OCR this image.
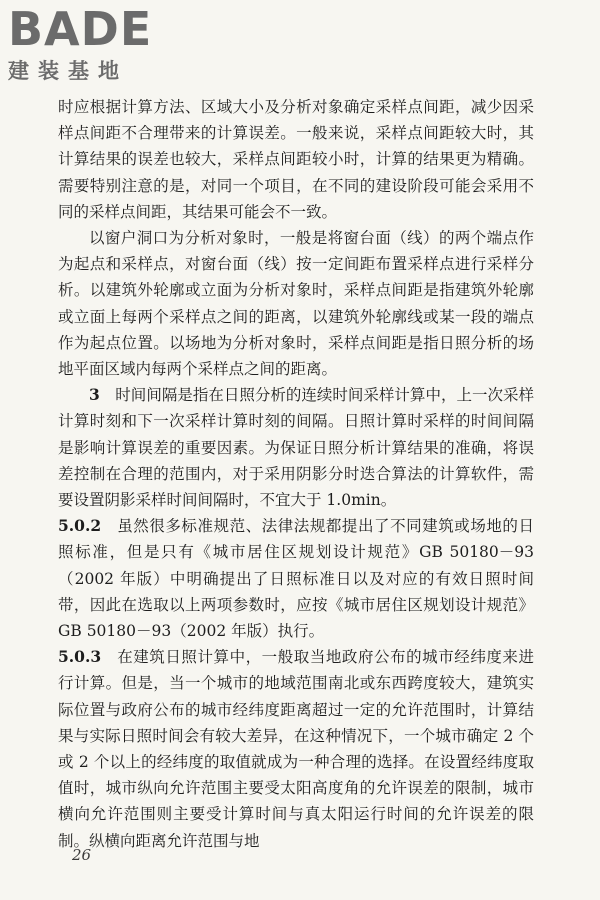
BADE
建装基地

时应根据计算方法、区域大小及分析对象确定采样点间距，减少因采样点间距不合理带来的计算误差。一般来说，采样点间距较大时，其计算结果的误差也较大，采样点间距较小时，计算的结果更为精确。需要特别注意的是，对同一个项目，在不同的建设阶段可能会采用不同的采样点间距，其结果可能会不一致。

以窗户洞口为分析对象时，一般是将窗台面（线）的两个端点作为起点和采样点，对窗台面（线）按一定间距布置采样点进行采样分析。以建筑外轮廓或立面为分析对象时，采样点间距是指建筑外轮廓或立面上每两个采样点之间的距离，以建筑外轮廓线或某一段的端点作为起点位置。以场地为分析对象时，采样点间距是指日照分析的场地平面区域内每两个采样点之间的距离。

3  时间间隔是指在日照分析的连续时间采样计算中，上一次采样计算时刻和下一次采样计算时刻的间隔。日照计算时采样的时间间隔是影响计算误差的重要因素。为保证日照分析计算结果的准确，将误差控制在合理的范围内，对于采用阴影分时迭合算法的计算软件，需要设置阴影采样时间间隔时，不宜大于 1.0min。

5.0.2  虽然很多标准规范、法律法规都提出了不同建筑或场地的日照标准，但是只有《城市居住区规划设计规范》GB 50180－93（2002 年版）中明确提出了日照标准日以及对应的有效日照时间带，因此在选取以上两项参数时，应按《城市居住区规划设计规范》GB 50180－93（2002 年版）执行。

5.0.3  在建筑日照计算中，一般取当地政府公布的城市经纬度来进行计算。但是，当一个城市的地域范围南北或东西跨度较大，建筑实际位置与政府公布的城市经纬度距离超过一定的允许范围时，计算结果与实际日照时间会有较大差异，在这种情况下，一个城市确定 2 个或 2 个以上的经纬度的取值就成为一种合理的选择。在设置经纬度取值时，城市纵向允许范围主要受太阳高度角的允许误差的限制，城市横向允许范围则主要受计算时间与真太阳运行时间的允许误差的限制。纵横向距离允许范围与地

26
